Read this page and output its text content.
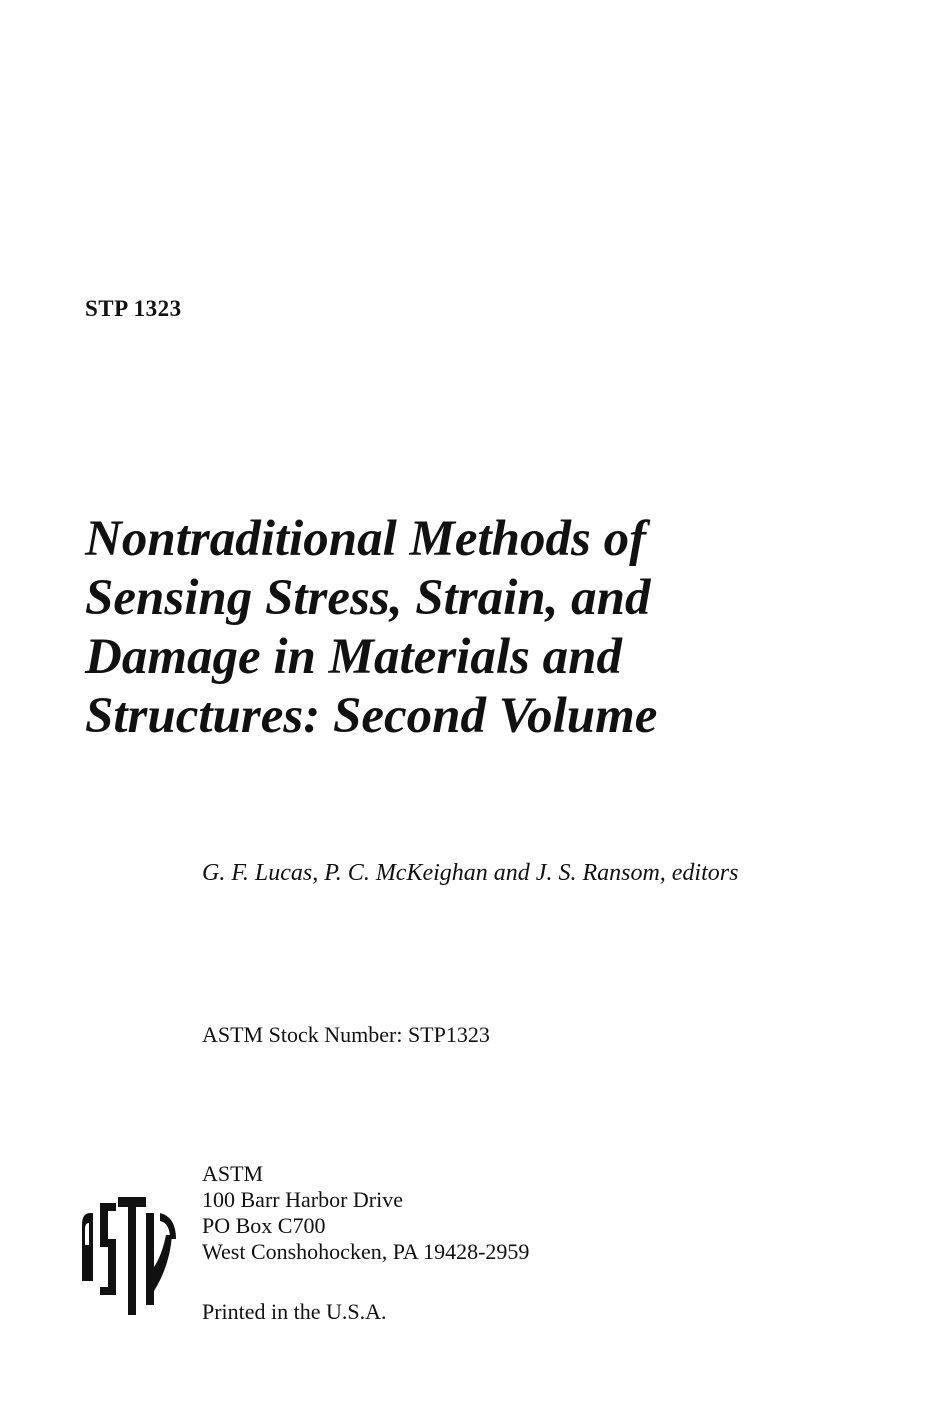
STP 1323
Nontraditional Methods of
Sensing Stress, Strain, and
Damage in Materials and
Structures: Second Volume
G. F. Lucas, P. C. McKeighan and J. S. Ransom, editors
ASTM Stock Number: STP1323
ASTM
100 Barr Harbor Drive
PO Box C700
West Conshohocken, PA 19428-2959
Printed in the U.S.A.
